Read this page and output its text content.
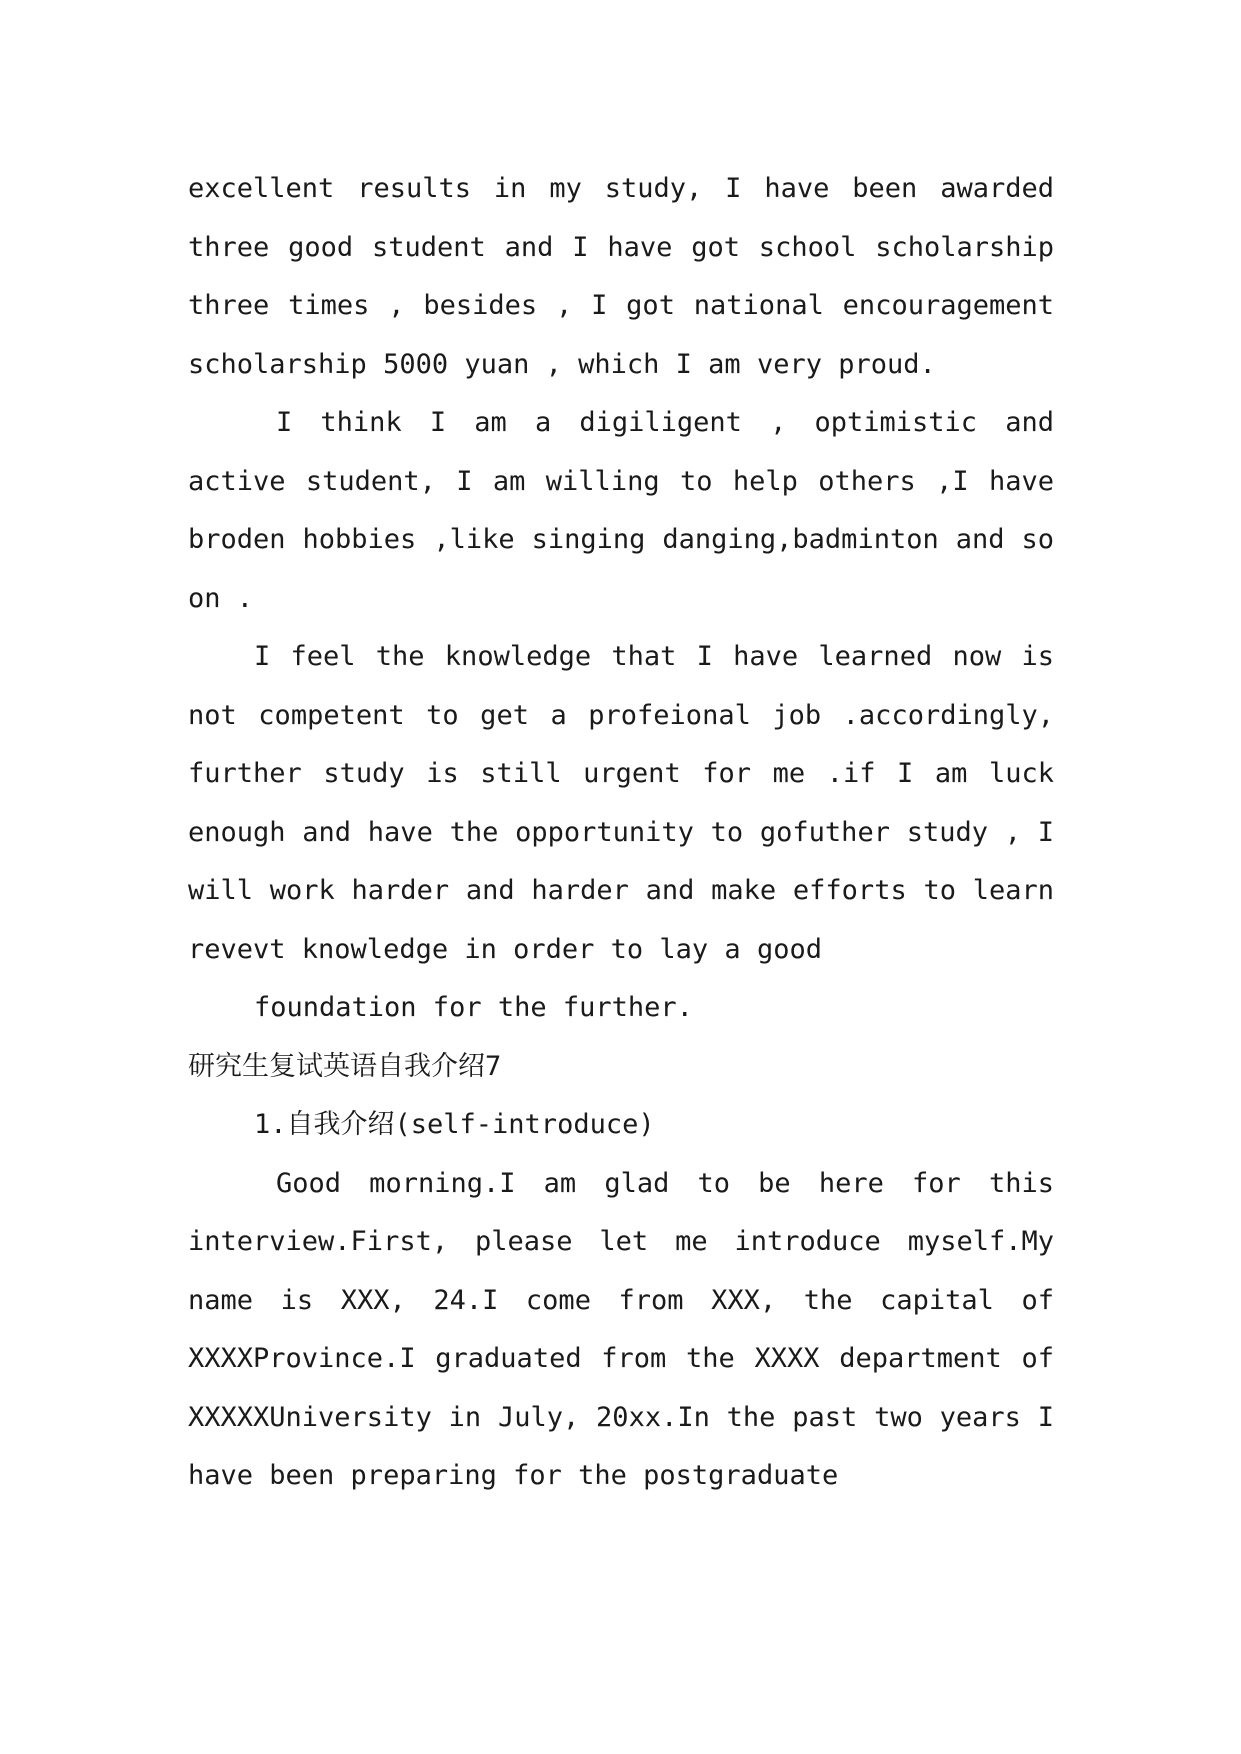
excellent results in my study, I have been awarded three good student and I have got school scholarship three times , besides , I got national encouragement scholarship 5000 yuan , which I am very proud.

I think I am a digiligent , optimistic and active student, I am willing to help others ,I have broden hobbies ,like singing danging,badminton and so on .

I feel the knowledge that I have learned now is not competent to get a profeional job .accordingly, further study is still urgent for me .if I am luck enough and have the opportunity to gofuther study , I will work harder and harder and make efforts to learn revevt knowledge in order to lay a good

foundation for the further.

研究生复试英语自我介绍7

1.自我介绍(self-introduce)

Good morning.I am glad to be here for this interview.First, please let me introduce myself.My name is XXX, 24.I come from XXX, the capital of XXXXProvince.I graduated from the XXXX department of XXXXXUniversity in July, 20xx.In the past two years I have been preparing for the postgraduate
